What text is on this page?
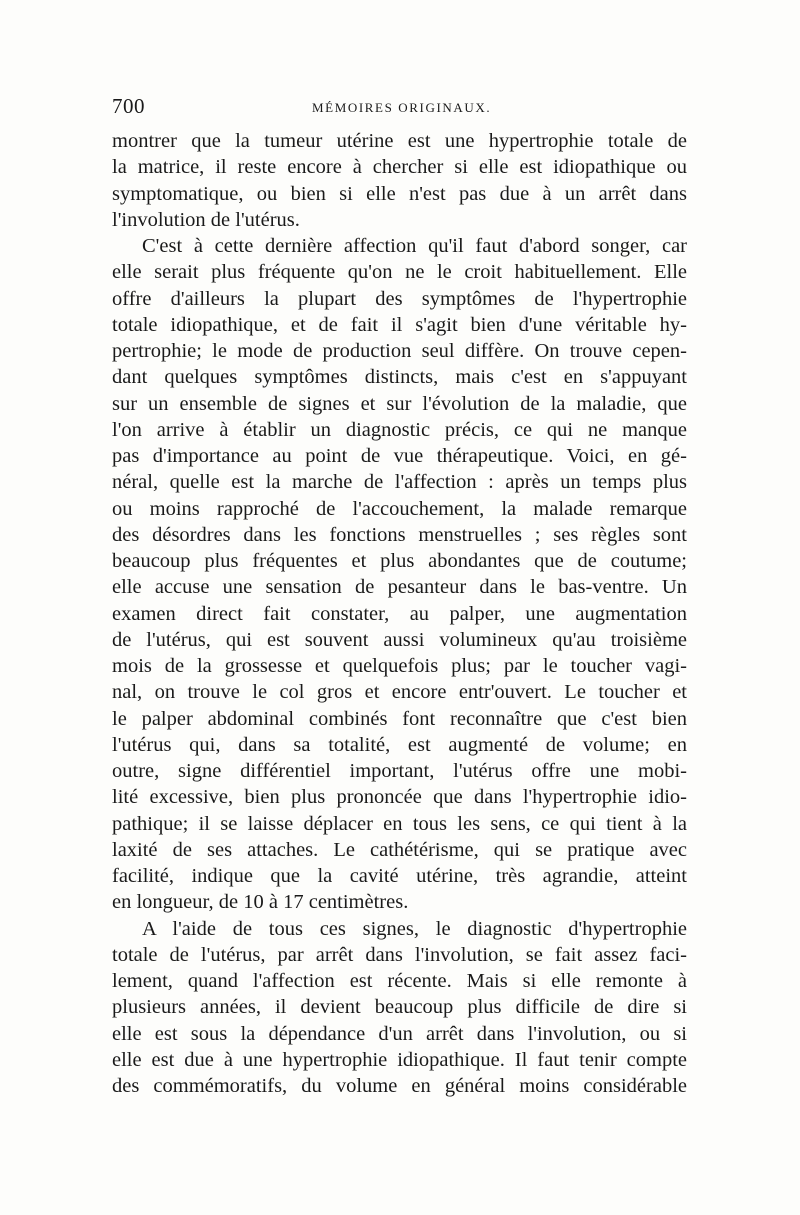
700	MÉMOIRES ORIGINAUX.
montrer que la tumeur utérine est une hypertrophie totale de
la matrice, il reste encore à chercher si elle est idiopathique ou
symptomatique, ou bien si elle n'est pas due à un arrêt dans
l'involution de l'utérus.
C'est à cette dernière affection qu'il faut d'abord songer, car
elle serait plus fréquente qu'on ne le croit habituellement. Elle
offre d'ailleurs la plupart des symptômes de l'hypertrophie
totale idiopathique, et de fait il s'agit bien d'une véritable hy-
pertrophie; le mode de production seul diffère. On trouve cepen-
dant quelques symptômes distincts, mais c'est en s'appuyant
sur un ensemble de signes et sur l'évolution de la maladie, que
l'on arrive à établir un diagnostic précis, ce qui ne manque
pas d'importance au point de vue thérapeutique. Voici, en gé-
néral, quelle est la marche de l'affection : après un temps plus
ou moins rapproché de l'accouchement, la malade remarque
des désordres dans les fonctions menstruelles ; ses règles sont
beaucoup plus fréquentes et plus abondantes que de coutume;
elle accuse une sensation de pesanteur dans le bas-ventre. Un
examen direct fait constater, au palper, une augmentation
de l'utérus, qui est souvent aussi volumineux qu'au troisième
mois de la grossesse et quelquefois plus; par le toucher vagi-
nal, on trouve le col gros et encore entr'ouvert. Le toucher et
le palper abdominal combinés font reconnaître que c'est bien
l'utérus qui, dans sa totalité, est augmenté de volume; en
outre, signe différentiel important, l'utérus offre une mobi-
lité excessive, bien plus prononcée que dans l'hypertrophie idio-
pathique; il se laisse déplacer en tous les sens, ce qui tient à la
laxité de ses attaches. Le cathétérisme, qui se pratique avec
facilité, indique que la cavité utérine, très agrandie, atteint
en longueur, de 10 à 17 centimètres.
A l'aide de tous ces signes, le diagnostic d'hypertrophie
totale de l'utérus, par arrêt dans l'involution, se fait assez faci-
lement, quand l'affection est récente. Mais si elle remonte à
plusieurs années, il devient beaucoup plus difficile de dire si
elle est sous la dépendance d'un arrêt dans l'involution, ou si
elle est due à une hypertrophie idiopathique. Il faut tenir compte
des commémoratifs, du volume en général moins considérable
